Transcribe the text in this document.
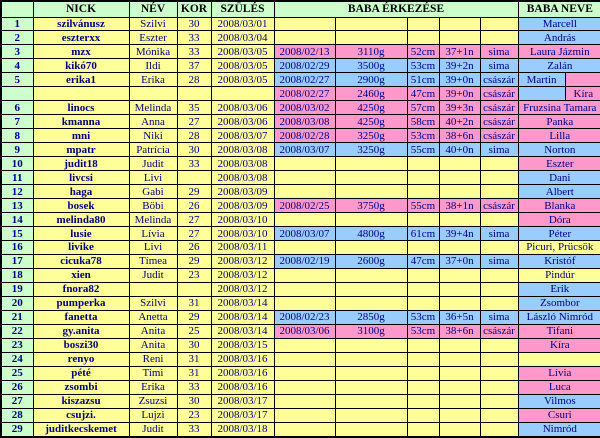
	NICK	NÉV	KOR	SZÜLÉS	BABA ÉRKEZÉSE					BABA NEVE	
1	szilvánusz	Szilvi	30	2008/03/01						Marcell	
2	eszterxx	Eszter	33	2008/03/04						András	
3	mzx	Mónika	33	2008/03/05	2008/02/13	3110g	52cm	37+1n	sima	Laura Jázmin	
4	kikó70	Ildi	37	2008/03/05	2008/02/29	3500g	53cm	39+2n	sima	Zalán	
5	erika1	Erika	28	2008/03/05	2008/02/27	2900g	51cm	39+0n	császár	Martin	
					2008/02/27	2460g	47cm	39+0n	császár		Kíra
6	linocs	Melinda	35	2008/03/06	2008/03/02	4250g	57cm	39+3n	császár	Fruzsina Tamara	
7	kmanna	Anna	27	2008/03/06	2008/03/08	4250g	58cm	40+2n	császár	Panka	
8	mni	Niki	28	2008/03/07	2008/02/28	3250g	53cm	38+6n	császár	Lilla	
9	mpatr	Patrícia	30	2008/03/08	2008/03/07	3250g	55cm	40+0n	sima	Norton	
10	judit18	Judit	33	2008/03/08						Eszter	
11	livcsi	Livi		2008/03/08						Dani	
12	haga	Gabi	29	2008/03/09						Albert	
13	bosek	Böbi	26	2008/03/09	2008/02/25	3750g	55cm	38+1n	császár	Blanka	
14	melinda80	Melinda	27	2008/03/10						Dóra	
15	lusie	Lívia	27	2008/03/10	2008/03/07	4800g	61cm	39+4n	sima	Péter	
16	livike	Livi	26	2008/03/11						Picuri, Prücsök	
17	cicuka78	Tímea	29	2008/03/12	2008/02/19	2600g	47cm	37+0n	sima	Kristóf	
18	xien	Judit	23	2008/03/12						Pindúr	
19	fnora82			2008/03/12						Erik	
20	pumperka	Szilvi	31	2008/03/14						Zsombor	
21	fanetta	Anetta	29	2008/03/14	2008/02/23	2850g	53cm	36+5n	sima	László Nimród	
22	gy.anita	Anita	25	2008/03/14	2008/03/06	3100g	53cm	38+6n	császár	Tifani	
23	boszi30	Anita	30	2008/03/15						Kíra	
24	renyo	Reni	31	2008/03/16							
25	pété	Timi	31	2008/03/16						Lívia	
26	zsombi	Erika	33	2008/03/16						Luca	
27	kiszazsu	Zsuzsi	30	2008/03/17						Vilmos	
28	csujzi.	Lujzi	23	2008/03/17						Csuri	
29	juditkecskemet	Judit	33	2008/03/18						Nimród	
